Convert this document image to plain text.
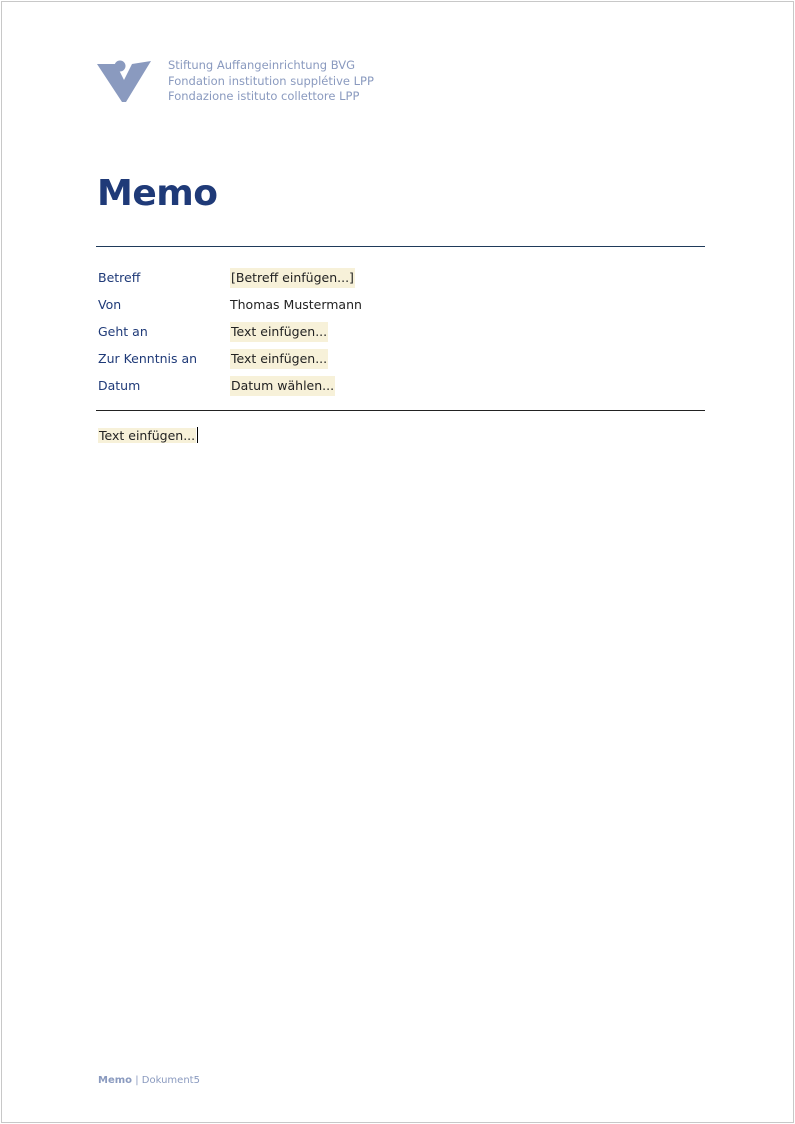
Stiftung Auffangeinrichtung BVG
Fondation institution supplétive LPP
Fondazione istituto collettore LPP
Memo
Betreff	[Betreff einfügen...]
Von	Thomas Mustermann
Geht an	Text einfügen...
Zur Kenntnis an	Text einfügen...
Datum	Datum wählen...
Text einfügen...
Memo | Dokument5
